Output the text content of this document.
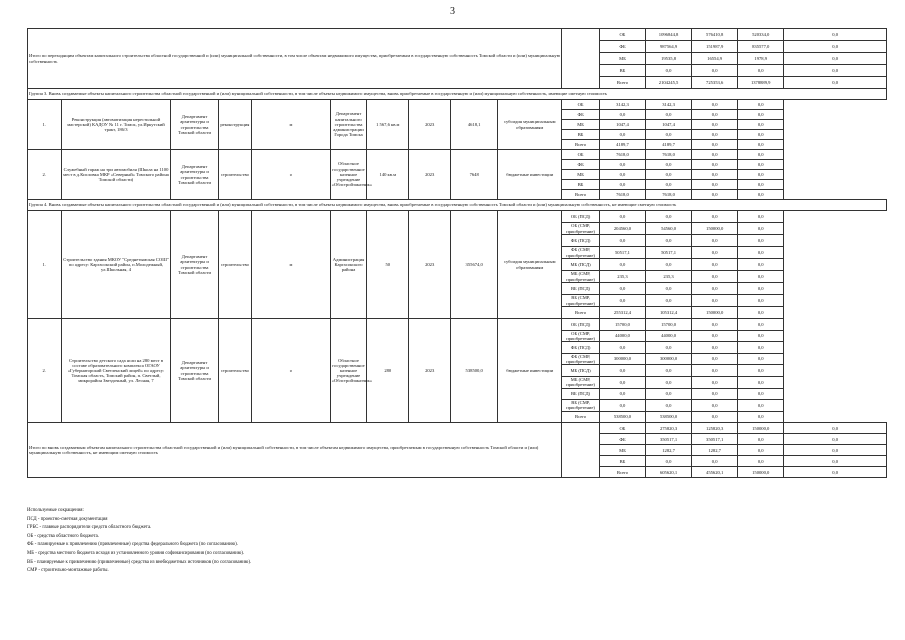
3
Итого по переходящим объектам капитального строительства областной государственной и (или) муниципальной собственности, в том числе объектам недвижимого имущества, приобретаемым в государственную собственность Томской области и (или) муниципальную собственность											ОБ	1096844,8	576410,8	520334,0	0,0
											ФБ	987564,9	151987,9	835577,0	0,0
											МБ	19535,8	16554,9	1978,9	0,0
											ВБ	0,0	0,0	0,0	0,0
											Всего	2104245,5	725353,6	1378889,9	0,0
Группа 3. Вновь создаваемые объекты капитального строительства областной государственной и (или) муниципальной собственности, в том числе объекты недвижимого имущества, вновь приобретаемые в государственную и (или) муниципальную собственность, имеющие сметную стоимость															
1.	Реконструкция (автоматизация нерестильной мастерской) КАДОУ № 11 г. Томск, ул.Иркутский тракт, 186/3	Департамент архитектуры и строительства Томской области	реконструкция	м	Департамент капитального строительства администрации Города Томска	1 567,6 кв.м	2023	4618,1	субсидия муниципальным образованиям	ОБ	3142,3	3142,3	0,0	0,0	
										ФБ	0,0	0,0	0,0	0,0	
										МБ	1047,4	1047,4	0,0	0,0	
										ВБ	0,0	0,0	0,0	0,0	
										Всего	4189,7	4189,7	0,0	0,0	
2.	Служебный гараж на три автомобиля (Школа на 1100 мест в д.Кисловка МКР «Северный» Томского района Томской области)	Департамент архитектуры и строительства Томской области	строительство	о	Областное государственное казенное учреждение «Облстройзаказчик»	140 кв.м	2023	7648	бюджетные инвестиции	ОБ	7618,0	7618,0	0,0	0,0	
										ФБ	0,0	0,0	0,0	0,0	
										МБ	0,0	0,0	0,0	0,0	
										ВБ	0,0	0,0	0,0	0,0	
										Всего	7618,0	7618,0	0,0	0,0	
Группа 4. Вновь создаваемые объекты капитального строительства областной государственной и (или) муниципальной собственности, в том числе объекты недвижимого имущества, вновь приобретаемые в государственную собственность Томской области и (или) муниципальную собственность, не имеющие сметную стоимость															
1.	Строительство здания МКОУ "Среднетымская СОШ" по адресу: Каргасокский район, п.Молодежный, ул.Школьная, 4	Департамент архитектуры и строительства Томской области	строительство	м	Администрация Каргасокского района	50	2023	355674,0	субсидия муниципальным образованиям	ОБ (ПСД)	0,0	0,0	0,0	0,0	
										ОБ (СМР, приобретение)	204560,0	54560,0	150000,0	0,0	
										ФБ (ПСД)	0,0	0,0	0,0	0,0	
										ФБ (СМР, приобретение)	50517,1	50517,1	0,0	0,0	
										МБ (ПСД)	0,0	0,0	0,0	0,0	
										МБ (СМР, приобретение)	235,3	235,3	0,0	0,0	
										ВБ (ПСД)	0,0	0,0	0,0	0,0	
										ВБ (СМР, приобретение)	0,0	0,0	0,0	0,0	
										Всего	255312,4	105312,4	150000,0	0,0	
2.	Строительство детского сада ясли на 280 мест в составе образовательного комплекса ОГАОУ «Губернаторский Светленский лицей» по адресу: Томская область, Томский район, п. Светлый, микрорайон Звездочный, ул. Лесная, 7	Департамент архитектуры и строительства Томской области	строительство	о	Областное государственное казенное учреждение «Облстройзаказчик»	280	2023	538500,0	бюджетные инвестиции	ОБ (ПСД)	15700,0	15700,0	0,0	0,0	
										ОБ (СМР, приобретение)	44000,0	44000,0	0,0	0,0	
										ФБ (ПСД)	0,0	0,0	0,0	0,0	
										ФБ (СМР, приобретение)	300000,0	300000,0	0,0	0,0	
										МБ (ПСД)	0,0	0,0	0,0	0,0	
										МБ (СМР, приобретение)	0,0	0,0	0,0	0,0	
										ВБ (ПСД)	0,0	0,0	0,0	0,0	
										ВБ (СМР, приобретение)	0,0	0,0	0,0	0,0	
										Всего	538500,0	538500,0	0,0	0,0	
Итого по вновь создаваемым объектам капитального строительства областной государственной и (или) муниципальной собственности, в том числе объектам недвижимого имущества, приобретаемым в государственную собственность Томской области и (или) муниципальную собственность, не имеющим сметную стоимость											ОБ	275820,3	125820,3	150000,0	0,0
											ФБ	350517,1	350517,1	0,0	0,0
											МБ	1282,7	1282,7	0,0	0,0
											ВБ	0,0	0,0	0,0	0,0
											Всего	605620,1	455620,1	150000,0	0,0
Используемые сокращения:
ПСД - проектно-сметная документация
ГРБС - главные распорядители средств областного бюджета.
ОБ - средства областного бюджета.
ФБ - планируемые к привлечению (привлеченные) средства федерального бюджета (по согласованию).
МБ - средства местного бюджета исходя из установленного уровня софинансирования (по согласованию).
ВБ - планируемые к привлечению (привлеченные) средства из внебюджетных источников (по согласованию).
СМР - строительно-монтажные работы.
